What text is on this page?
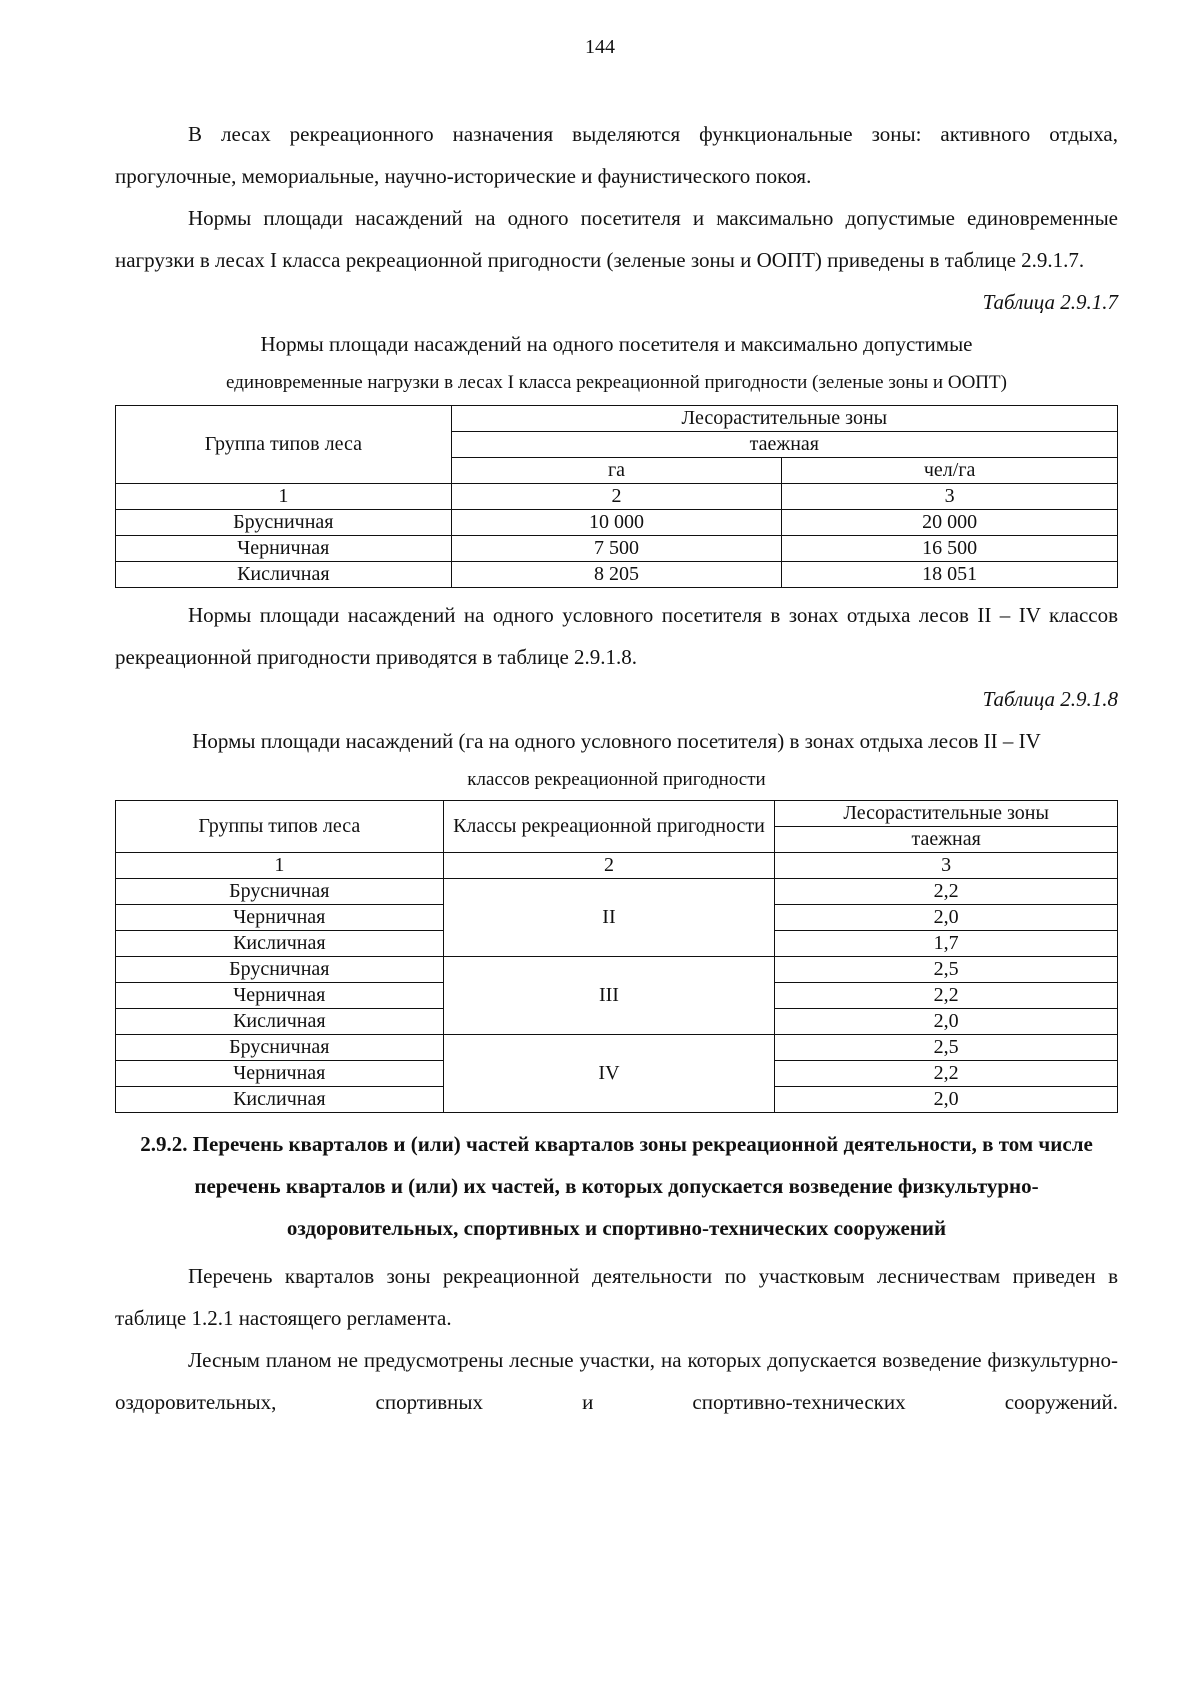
144

В лесах рекреационного назначения выделяются функциональные зоны: активного отдыха, прогулочные, мемориальные, научно-исторические и фаунистического покоя.

Нормы площади насаждений на одного посетителя и максимально допустимые единовременные нагрузки в лесах I класса рекреационной пригодности (зеленые зоны и ООПТ) приведены в таблице 2.9.1.7.

Таблица 2.9.1.7
Нормы площади насаждений на одного посетителя и максимально допустимые
единовременные нагрузки в лесах I класса рекреационной пригодности (зеленые зоны и ООПТ)
Группа типов леса	Лесорастительные зоны	
	таежная	
	га	чел/га
1	2	3
Брусничная	10 000	20 000
Черничная	7 500	16 500
Кисличная	8 205	18 051

Нормы площади насаждений на одного условного посетителя в зонах отдыха лесов II – IV классов рекреационной пригодности приводятся в таблице 2.9.1.8.

Таблица 2.9.1.8
Нормы площади насаждений (га на одного условного посетителя) в зонах отдыха лесов II – IV
классов рекреационной пригодности
Группы типов леса	Классы рекреационной пригодности	Лесорастительные зоны
		таежная
1	2	3
Брусничная	II	2,2
Черничная		2,0
Кисличная		1,7
Брусничная	III	2,5
Черничная		2,2
Кисличная		2,0
Брусничная	IV	2,5
Черничная		2,2
Кисличная		2,0
2.9.2. Перечень кварталов и (или) частей кварталов зоны рекреационной деятельности, в том числе перечень кварталов и (или) их частей, в которых допускается возведение физкультурно-оздоровительных, спортивных и спортивно-технических сооружений

Перечень кварталов зоны рекреационной деятельности по участковым лесничествам приведен в таблице 1.2.1 настоящего регламента.

Лесным планом не предусмотрены лесные участки, на которых допускается возведение физкультурно-оздоровительных, спортивных и спортивно-технических сооружений.
